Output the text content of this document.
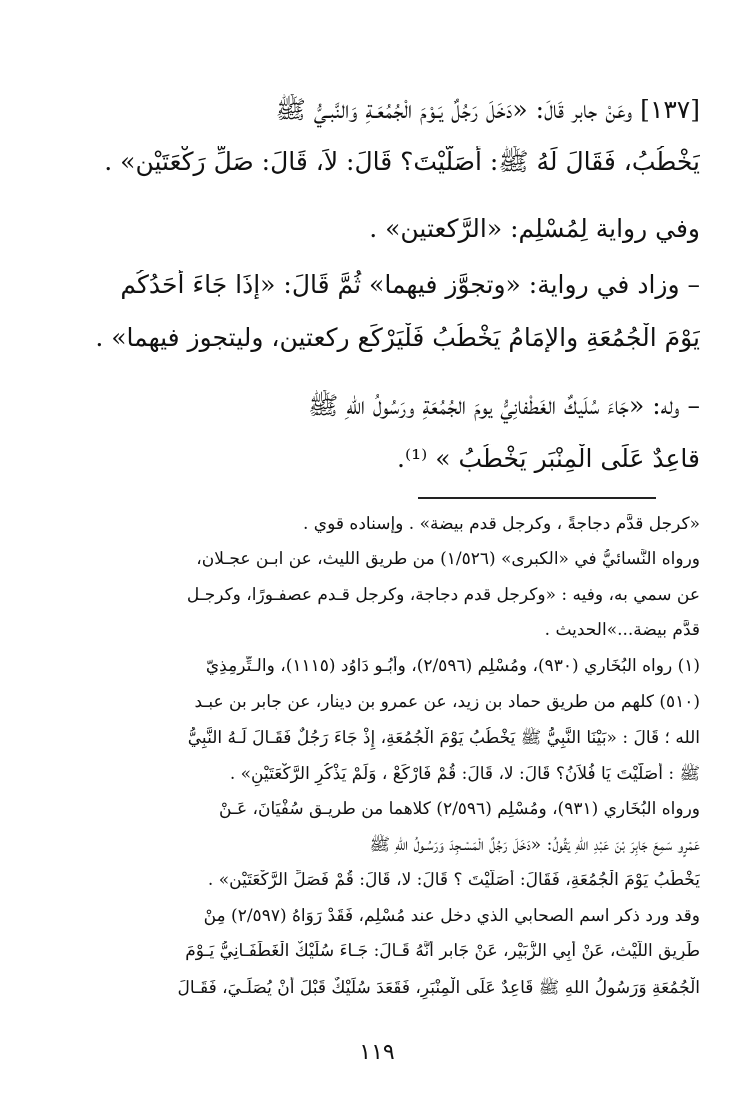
[١٣٧] وعَنْ جابر قَالَ: «دَخَلَ رَجُلٌ يَـوْمَ الْجُمُعَـةِ وَالنَّبـيُّ ﷺ
يَخْطُبُ، فَقَالَ لَهُ ﷺ: أَصَلَّيْتَ؟ قَالَ: لاَ، قَالَ: صَلِّ رَكْعَتَيْن» .
وفي رواية لِمُسْلِم: «الرَّكعتين» .
– وزاد في رواية: «وتجوَّز فيهما» ثُمَّ قَالَ: «إِذَا جَاءَ أَحَدُكُم
يَوْمَ الْجُمُعَةِ والإِمَامُ يَخْطُبُ فَلْيَرْكَع ركعتين، وليتجوز فيهما» .
– وله: «جَاءَ سُلَيكٌ الغَطْفانِيُّ يومَ الجُمُعَةِ ورَسُولُ اللهِ ﷺ
قاعِدٌ عَلَى الْمِنْبَرِ يَخْطُبُ » ⁽¹⁾.
«كرجل قدَّم دجاجةً ، وكرجل قدم بيضة» . وإسناده قوي .
ورواه النَّسائيُّ في «الكبرى» (١/٥٢٦) من طريق الليث، عن ابـن عجـلان،
عن سمي به، وفيه : «وكرجل قدم دجاجة، وكرجل قـدم عصفـورًا، وكرجـل
قدَّم بيضة...»الحديث .
(١) رواه البُخَاري (٩٣٠)، ومُسْلِم (٢/٥٩٦)، وأَبُـو دَاوُد (١١١٥)، والـتِّرمِذِيّ
(٥١٠) كلهم من طريق حماد بن زيد، عن عمرو بن دينار، عن جابر بن عبـد
الله ؛ قَالَ : «بَيْنَا النَّبِيُّ ﷺ يَخْطُبُ يَوْمَ الْجُمُعَةِ، إِذْ جَاءَ رَجُلٌ فَقَـالَ لَـهُ النَّبِيُّ
ﷺ : أَصَلَّيْتَ يَا فُلاَنُ؟ قَالَ: لا، قَالَ: قُمْ فَارْكَعْ ، وَلَمْ يَذْكُرِ الرَّكْعَتَيْنِ» .
ورواه البُخَاري (٩٣١)، ومُسْلِم (٢/٥٩٦) كلاهما من طريـق سُفْيَانَ، عَـنْ
عَمْرٍو سَمِعَ جَابِرَ بْنَ عَبْدِ اللهِ يَقُولُ: «دَخَلَ رَجُلٌ الْمَسْـجِدَ وَرَسُـولُ اللهِ ﷺ
يَخْطُبُ يَوْمَ الْجُمُعَةِ، فَقَالَ: أَصَلَّيْتَ ؟ قَالَ: لا، قَالَ: قُمْ فَصَلِّ الرَّكْعَتَيْنِ» .
وقد ورد ذكر اسم الصحابي الذي دخل عند مُسْلِم، فَقَدْ رَوَاهُ (٢/٥٩٧) مِنْ
طَرِيق اللَّيْث، عَنْ أَبِي الزُّبَيْر، عَنْ جَابر أَنَّهُ قَـالَ: جَـاءَ سُلَيْكٌ الْغَطَفَـانِيُّ يَـوْمَ
الْجُمُعَةِ وَرَسُولُ اللهِ ﷺ قَاعِدٌ عَلَى الْمِنْبَرِ، فَقَعَدَ سُلَيْكٌ قَبْلَ أَنْ يُصَلِّـيَ، فَقَـالَ
١١٩
